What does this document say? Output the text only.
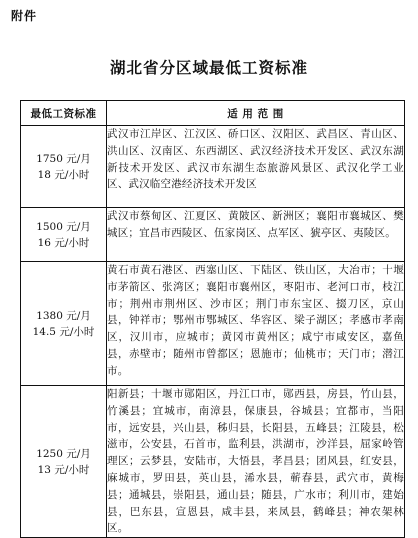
附件
湖北省分区域最低工资标准
最低工资标准	适 用 范 围

1750 元/月
18 元/小时	武汉市江岸区、江汉区、硚口区、汉阳区、武昌区、青山区、洪山区、汉南区、东西湖区、武汉经济技术开发区、武汉东湖新技术开发区、武汉市东湖生态旅游风景区、武汉化学工业区、武汉临空港经济技术开发区

1500 元/月
16 元/小时	武汉市蔡甸区、江夏区、黄陂区、新洲区；襄阳市襄城区、樊城区；宜昌市西陵区、伍家岗区、点军区、猇亭区、夷陵区。

1380 元/月
14.5 元/小时	黄石市黄石港区、西塞山区、下陆区、铁山区，大冶市；十堰市茅箭区、张湾区；襄阳市襄州区，枣阳市、老河口市，枝江市；荆州市荆州区、沙市区；荆门市东宝区、掇刀区，京山县，钟祥市；鄂州市鄂城区、华容区、梁子湖区；孝感市孝南区，汉川市，应城市；黄冈市黄州区；咸宁市咸安区，嘉鱼县，赤壁市；随州市曾都区；恩施市；仙桃市；天门市；潜江市。

1250 元/月
13 元/小时	阳新县；十堰市郧阳区，丹江口市，郧西县，房县，竹山县，竹溪县；宜城市，南漳县，保康县，谷城县；宜都市，当阳市，远安县，兴山县，秭归县，长阳县，五峰县；江陵县，松滋市，公安县，石首市，监利县，洪湖市，沙洋县，屈家岭管理区；云梦县，安陆市，大悟县，孝昌县；团风县，红安县，麻城市，罗田县，英山县，浠水县，蕲春县，武穴市，黄梅县；通城县，崇阳县，通山县；随县，广水市；利川市，建始县，巴东县，宣恩县，咸丰县，来凤县，鹤峰县；神农架林区。
